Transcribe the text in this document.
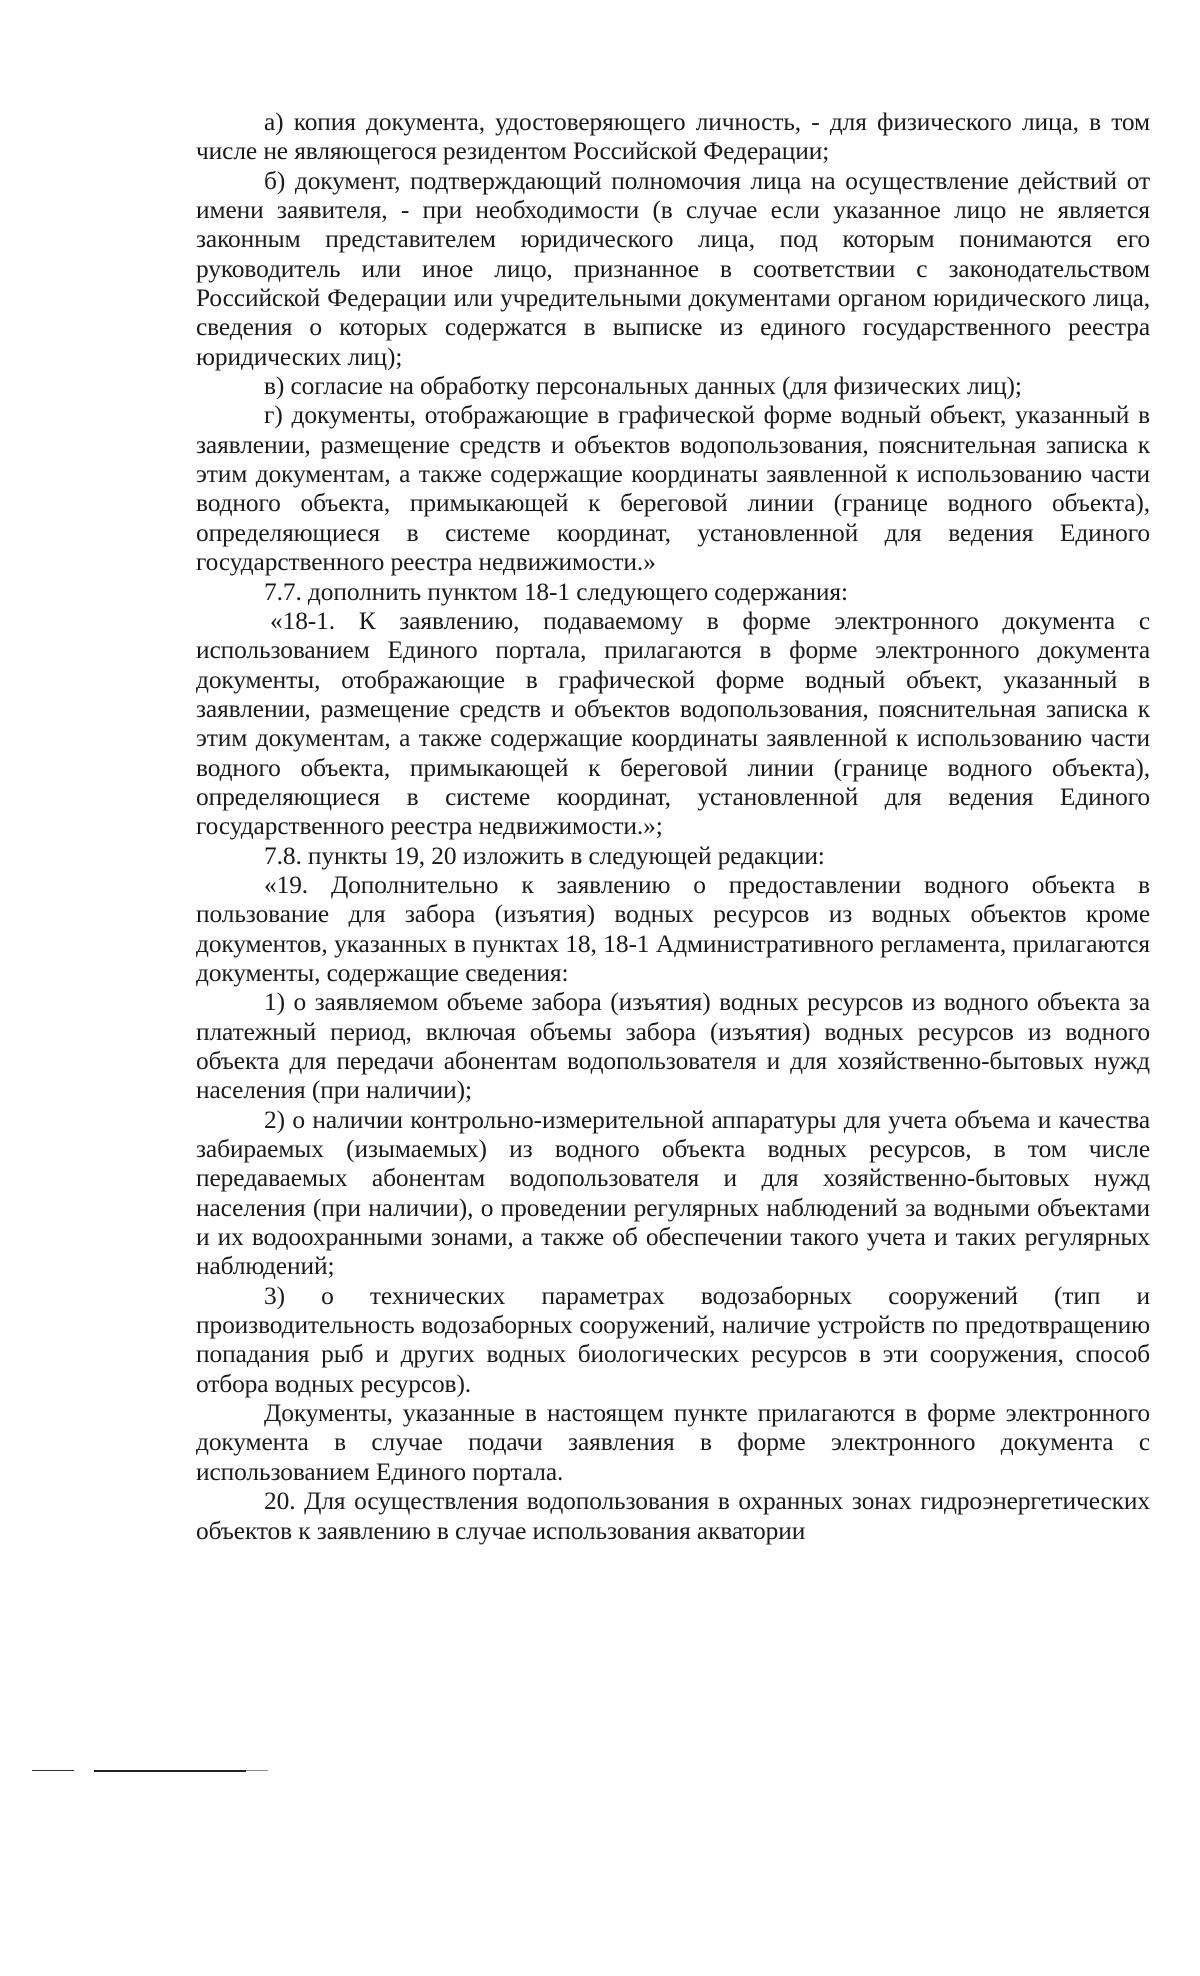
а) копия документа, удостоверяющего личность, - для физического лица, в том числе не являющегося резидентом Российской Федерации;

б) документ, подтверждающий полномочия лица на осуществление действий от имени заявителя, - при необходимости (в случае если указанное лицо не является законным представителем юридического лица, под которым понимаются его руководитель или иное лицо, признанное в соответствии с законодательством Российской Федерации или учредительными документами органом юридического лица, сведения о которых содержатся в выписке из единого государственного реестра юридических лиц);

в) согласие на обработку персональных данных (для физических лиц);

г) документы, отображающие в графической форме водный объект, указанный в заявлении, размещение средств и объектов водопользования, пояснительная записка к этим документам, а также содержащие координаты заявленной к использованию части водного объекта, примыкающей к береговой линии (границе водного объекта), определяющиеся в системе координат, установленной для ведения Единого государственного реестра недвижимости.»

7.7. дополнить пунктом 18-1 следующего содержания:

«18-1. К заявлению, подаваемому в форме электронного документа с использованием Единого портала, прилагаются в форме электронного документа документы, отображающие в графической форме водный объект, указанный в заявлении, размещение средств и объектов водопользования, пояснительная записка к этим документам, а также содержащие координаты заявленной к использованию части водного объекта, примыкающей к береговой линии (границе водного объекта), определяющиеся в системе координат, установленной для ведения Единого государственного реестра недвижимости.»;

7.8. пункты 19, 20 изложить в следующей редакции:

«19. Дополнительно к заявлению о предоставлении водного объекта в пользование для забора (изъятия) водных ресурсов из водных объектов кроме документов, указанных в пунктах 18, 18-1 Административного регламента, прилагаются документы, содержащие сведения:

1) о заявляемом объеме забора (изъятия) водных ресурсов из водного объекта за платежный период, включая объемы забора (изъятия) водных ресурсов из водного объекта для передачи абонентам водопользователя и для хозяйственно-бытовых нужд населения (при наличии);

2) о наличии контрольно-измерительной аппаратуры для учета объема и качества забираемых (изымаемых) из водного объекта водных ресурсов, в том числе передаваемых абонентам водопользователя и для хозяйственно-бытовых нужд населения (при наличии), о проведении регулярных наблюдений за водными объектами и их водоохранными зонами, а также об обеспечении такого учета и таких регулярных наблюдений;

3) о технических параметрах водозаборных сооружений (тип и производительность водозаборных сооружений, наличие устройств по предотвращению попадания рыб и других водных биологических ресурсов в эти сооружения, способ отбора водных ресурсов).

Документы, указанные в настоящем пункте прилагаются в форме электронного документа в случае подачи заявления в форме электронного документа с использованием Единого портала.

20. Для осуществления водопользования в охранных зонах гидроэнергетических объектов к заявлению в случае использования акватории
